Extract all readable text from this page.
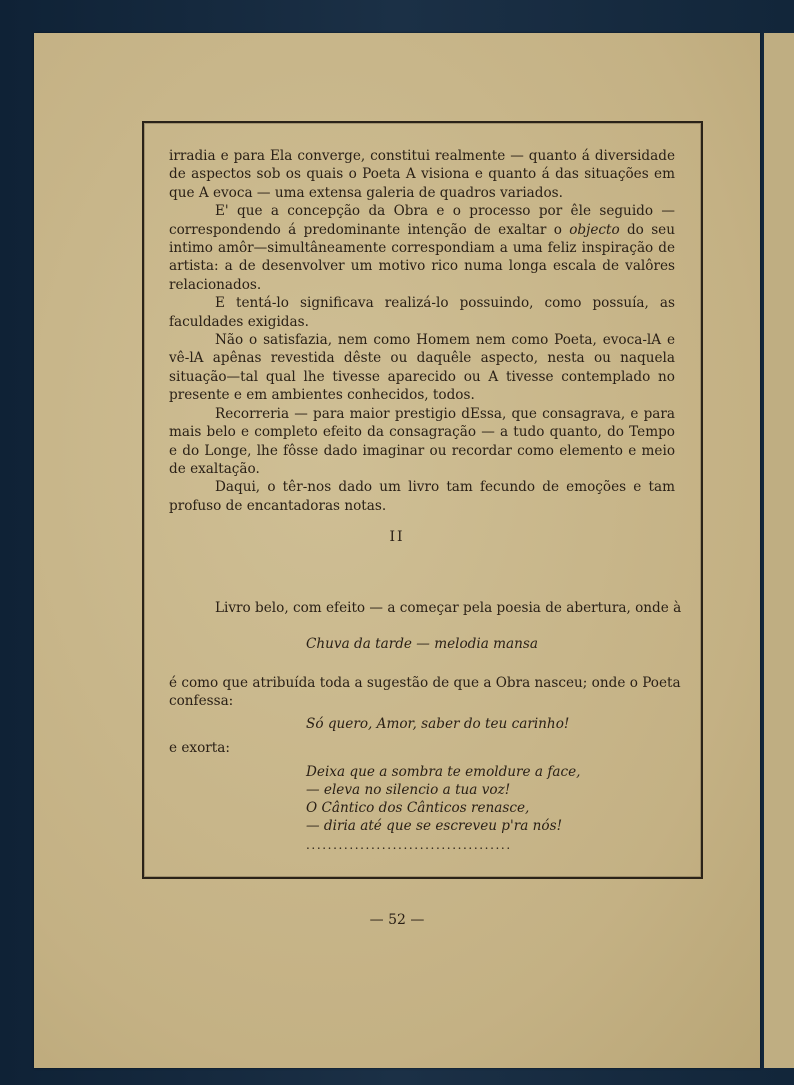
irradia e para Ela converge, constitui realmente — quanto á diversidade de aspectos sob os quais o Poeta A visiona e quanto á das situações em que A evoca — uma extensa galeria de quadros variados.

E' que a concepção da Obra e o processo por êle seguido — correspondendo á predominante intenção de exaltar o objecto do seu intimo amôr—simultâneamente correspondiam a uma feliz inspiração de artista: a de desenvolver um motivo rico numa longa escala de valôres relacionados.

E tentá-lo significava realizá-lo possuindo, como possuía, as faculdades exigidas.

Não o satisfazia, nem como Homem nem como Poeta, evoca-lA e vê-lA apênas revestida dêste ou daquêle aspecto, nesta ou naquela situação—tal qual lhe tivesse aparecido ou A tivesse contemplado no presente e em ambientes conhecidos, todos.

Recorreria — para maior prestigio dEssa, que consagrava, e para mais belo e completo efeito da consagração — a tudo quanto, do Tempo e do Longe, lhe fôsse dado imaginar ou recordar como elemento e meio de exaltação.

Daqui, o têr-nos dado um livro tam fecundo de emoções e tam profuso de encantadoras notas.

II
Livro belo, com efeito — a começar pela poesia de abertura, onde à
Chuva da tarde — melodia mansa
é como que atribuída toda a sugestão de que a Obra nasceu; onde o Poeta
confessa:
Só quero, Amor, saber do teu carinho!
e exorta:
Deixa que a sombra te emoldure a face,
— eleva no silencio a tua voz!
O Cântico dos Cânticos renasce,
— diria até que se escreveu p'ra nós!
......................................
— 52 —
